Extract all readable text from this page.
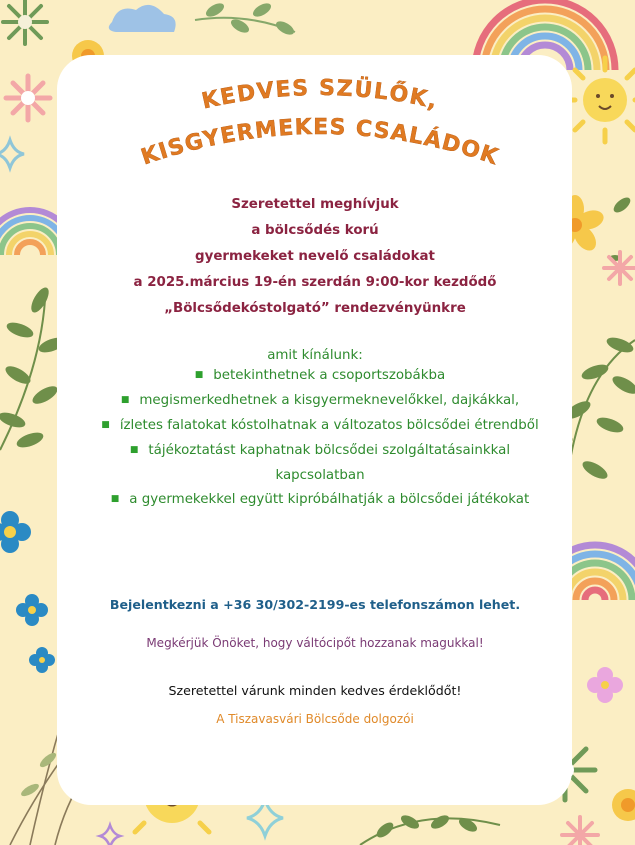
KEDVES SZÜLŐK,
KISGYERMEKES CSALÁDOK
Szeretettel meghívjuk
a bölcsődés korú
gyermekeket nevelő családokat
a 2025.március 19-én szerdán 9:00-kor kezdődő
„Bölcsődekóstolgató” rendezvényünkre
amit kínálunk:
■ betekinthetnek a csoportszobákba
■ megismerkedhetnek a kisgyermeknevelőkkel, dajkákkal,
■ ízletes falatokat kóstolhatnak a változatos bölcsődei étrendből
■ tájékoztatást kaphatnak bölcsődei szolgáltatásainkkal kapcsolatban
■ a gyermekekkel együtt kipróbálhatják a bölcsődei játékokat
Bejelentkezni a +36 30/302-2199-es telefonszámon lehet.
Megkérjük Önöket, hogy váltócipőt hozzanak magukkal!
Szeretettel várunk minden kedves érdeklődőt!
A Tiszavasvári Bölcsőde dolgozói
